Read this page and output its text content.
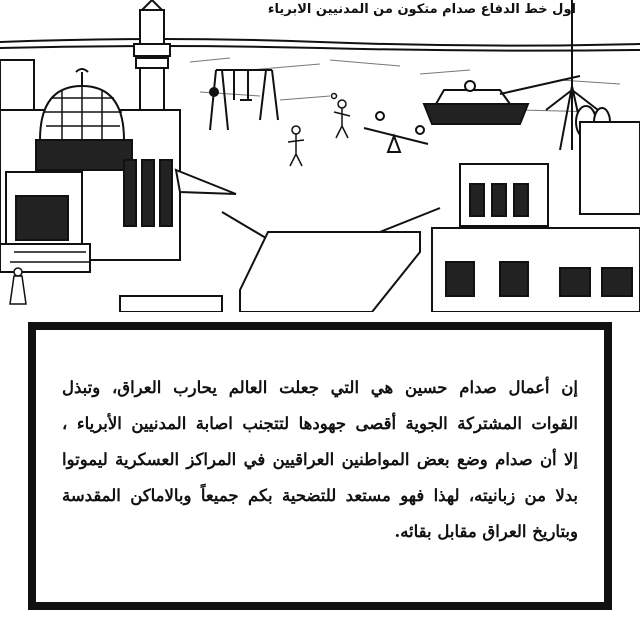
اول خط الدفاع صدام متكون من المدنيين الابرياء
إن أعمال صدام حسين هي التي جعلت العالم يحارب العراق، وتبذل
القوات المشتركة الجوية أقصى جهودها لتتجنب اصابة المدنيين الأبرياء ،
إلا أن صدام وضع بعض المواطنين العراقيين في المراكز العسكرية ليموتوا
بدلا من زبانيته، لهذا فهو مستعد للتضحية بكم جميعاً وبالاماكن المقدسة
وبتاريخ العراق مقابل بقائه.
